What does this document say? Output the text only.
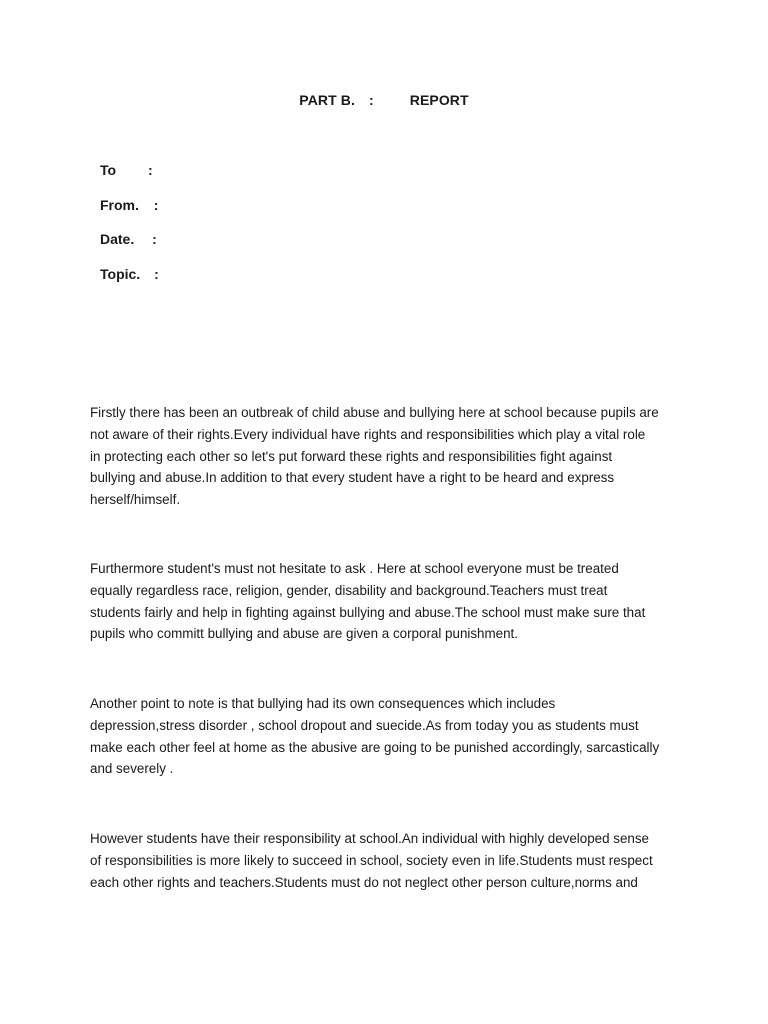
PART B. :	REPORT
To :
From. :
Date. :
Topic. :

Firstly there has been an outbreak of child abuse and bullying here at school because pupils are

not aware of their rights.Every individual have rights and responsibilities which play a vital role

in protecting each other so let's put forward these rights and responsibilities fight against

bullying and abuse.In addition to that every student have a right to be heard and express

herself/himself.

Furthermore student's must not hesitate to ask . Here at school everyone must be treated

equally regardless race, religion, gender, disability and background.Teachers must treat

students fairly and help in fighting against bullying and abuse.The school must make sure that

pupils who committ bullying and abuse are given a corporal punishment.

Another point to note is that bullying had its own consequences which includes

depression,stress disorder , school dropout and suecide.As from today you as students must

make each other feel at home as the abusive are going to be punished accordingly, sarcastically

and severely .

However students have their responsibility at school.An individual with highly developed sense

of responsibilities is more likely to succeed in school, society even in life.Students must respect

each other rights and teachers.Students must do not neglect other person culture,norms and
